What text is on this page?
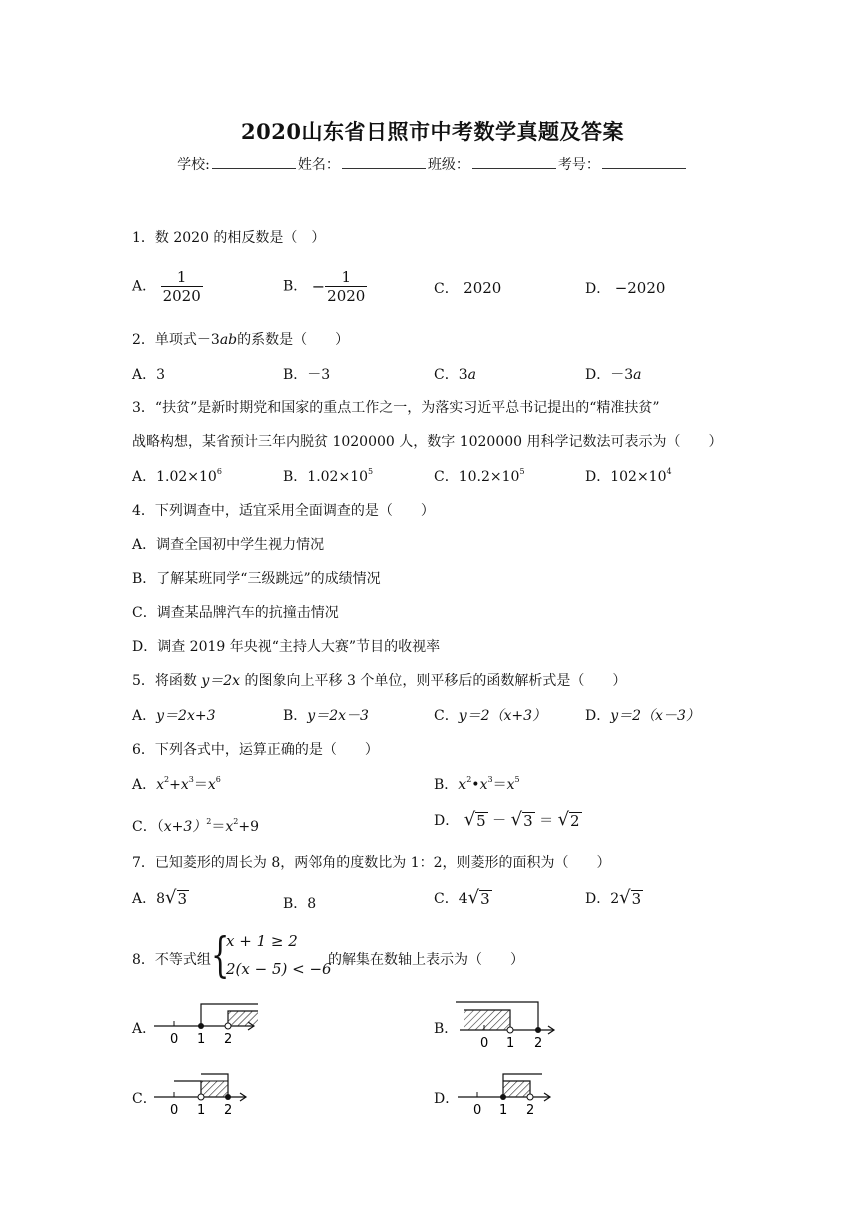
2020山东省日照市中考数学真题及答案
学校:	姓名：	班级：	考号：
1．数 2020 的相反数是（　）
A． $\frac{1}{2020}$	B． − $\frac{1}{2020}$	C． 2020	D． −2020
2．单项式－3ab的系数是（　　）
A．3	B．－3	C．3a	D．－3a
3．“扶贫”是新时期党和国家的重点工作之一，为落实习近平总书记提出的“精准扶贫”
战略构想，某省预计三年内脱贫 1020000 人，数字 1020000 用科学记数法可表示为（　　）
A．$1.02\times 10^6$	B．$1.02\times 10^5$	C．$10.2\times 10^5$	D．$102\times 10^4$
4．下列调查中，适宜采用全面调查的是（　　）
A．调查全国初中学生视力情况
B．了解某班同学“三级跳远”的成绩情况
C．调查某品牌汽车的抗撞击情况
D．调查 2019 年央视“主持人大赛”节目的收视率
5．将函数 y＝2x 的图象向上平移 3 个单位，则平移后的函数解析式是（　　）
A．y＝2x+3	B．y＝2x－3	C．y＝2（x+3）	D．y＝2（x－3）
6．下列各式中，运算正确的是（　　）
A．$x^2+x^3=x^6$	B．$x^2•x^3=x^5$
C．$(x+3)^2=x^2+9$	D． √ 5 － √ 3 ＝ √ 2
7．已知菱形的周长为 8，两邻角的度数比为 1：2，则菱形的面积为（　　）
A．8 √ 3	B．8	C．4 √ 3	D．2 √ 3
8．不等式组 {
x + 1 ≥ 2
2(x − 5) < −6
的解集在数轴上表示为（　　）
A．
0 1 2
B．
0 1 2
C．
0 1 2
D．
0 1 2
